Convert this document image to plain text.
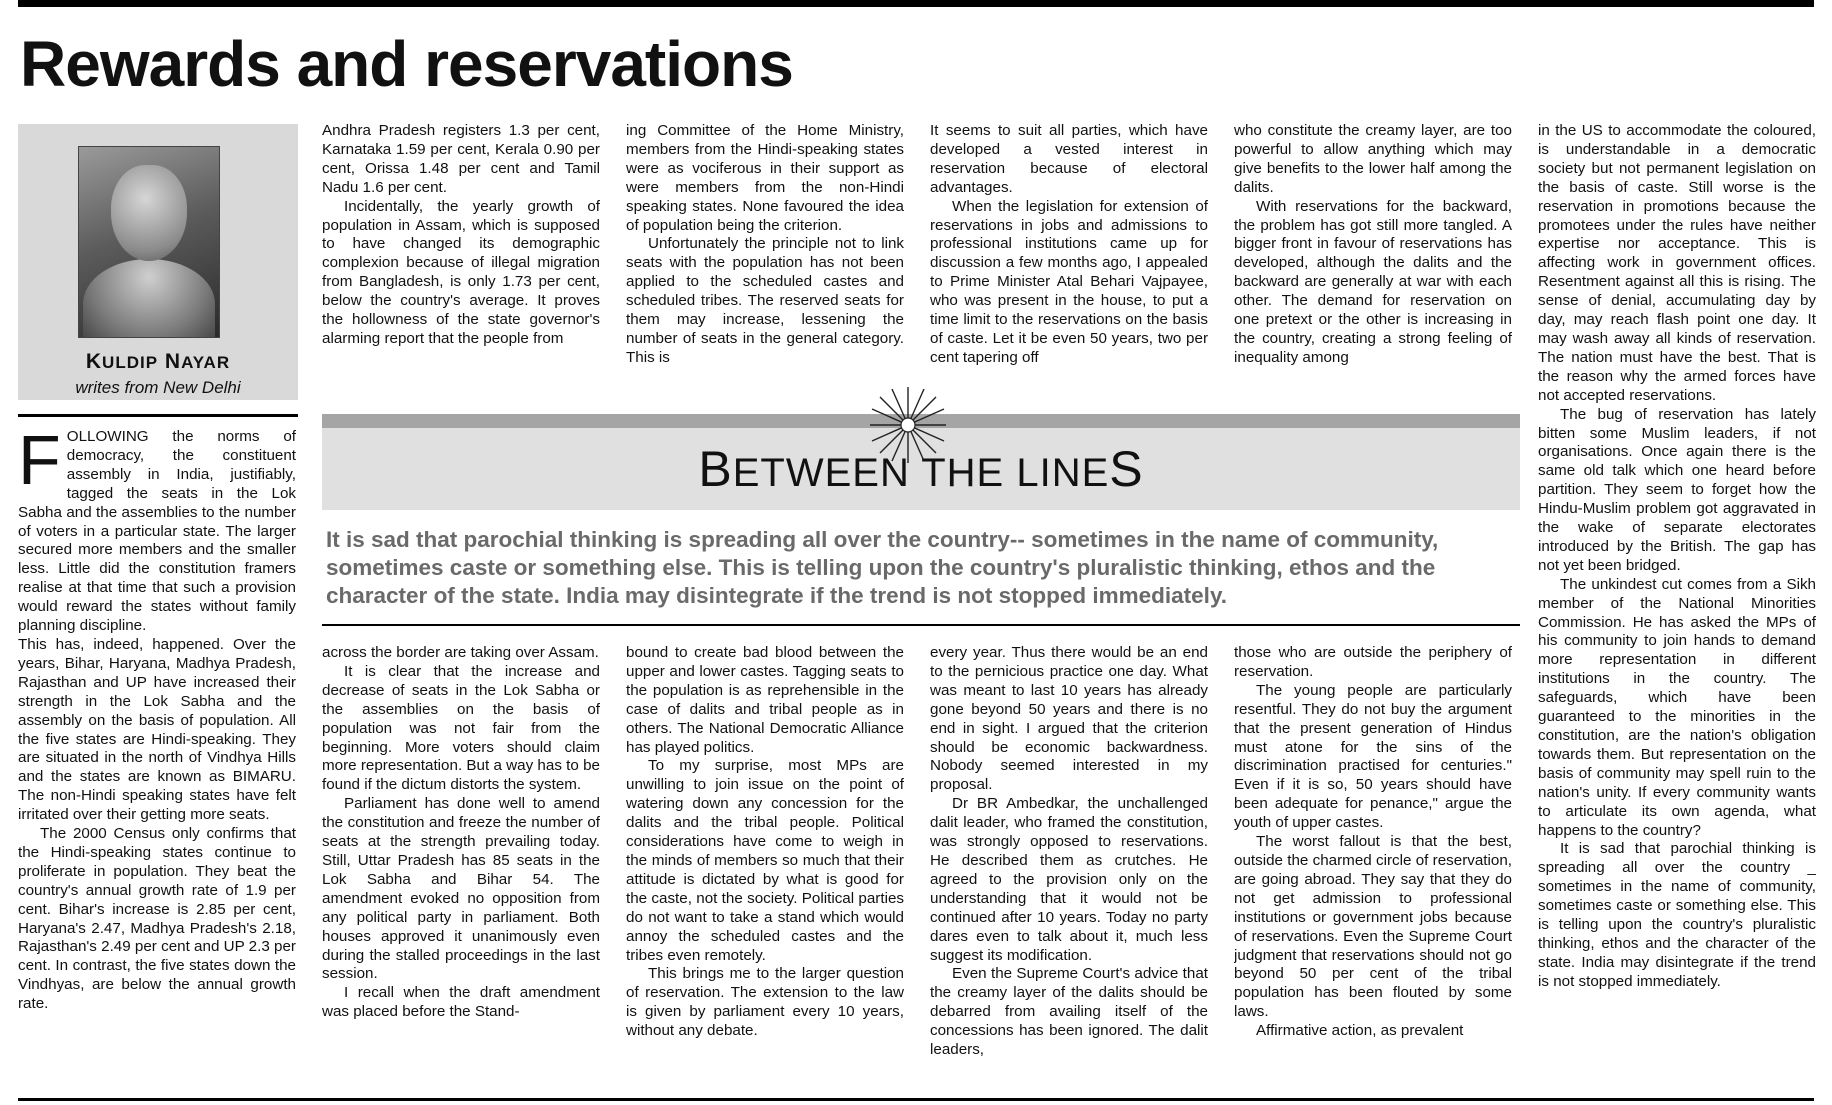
Rewards and reservations
KULDIP NAYAR
writes from New Delhi

FOLLOWING the norms of democracy, the constituent assembly in India, justifiably, tagged the seats in the Lok Sabha and the assemblies to the number of voters in a particular state. The larger secured more members and the smaller less. Little did the constitution framers realise at that time that such a provision would reward the states without family planning discipline.

This has, indeed, happened. Over the years, Bihar, Haryana, Madhya Pradesh, Rajasthan and UP have increased their strength in the Lok Sabha and the assembly on the basis of population. All the five states are Hindi-speaking. They are situated in the north of Vindhya Hills and the states are known as BIMARU. The non-Hindi speaking states have felt irritated over their getting more seats.

The 2000 Census only confirms that the Hindi-speaking states continue to proliferate in population. They beat the country's annual growth rate of 1.9 per cent. Bihar's increase is 2.85 per cent, Haryana's 2.47, Madhya Pradesh's 2.18, Rajasthan's 2.49 per cent and UP 2.3 per cent. In contrast, the five states down the Vindhyas, are below the annual growth rate.

Andhra Pradesh registers 1.3 per cent, Karnataka 1.59 per cent, Kerala 0.90 per cent, Orissa 1.48 per cent and Tamil Nadu 1.6 per cent.

Incidentally, the yearly growth of population in Assam, which is supposed to have changed its demographic complexion because of illegal migration from Bangladesh, is only 1.73 per cent, below the country's average. It proves the hollowness of the state governor's alarming report that the people from

ing Committee of the Home Ministry, members from the Hindi-speaking states were as vociferous in their support as were members from the non-Hindi speaking states. None favoured the idea of population being the criterion.

Unfortunately the principle not to link seats with the population has not been applied to the scheduled castes and scheduled tribes. The reserved seats for them may increase, lessening the number of seats in the general category. This is

It seems to suit all parties, which have developed a vested interest in reservation because of electoral advantages.

When the legislation for extension of reservations in jobs and admissions to professional institutions came up for discussion a few months ago, I appealed to Prime Minister Atal Behari Vajpayee, who was present in the house, to put a time limit to the reservations on the basis of caste. Let it be even 50 years, two per cent tapering off

who constitute the creamy layer, are too powerful to allow anything which may give benefits to the lower half among the dalits.

With reservations for the backward, the problem has got still more tangled. A bigger front in favour of reservations has developed, although the dalits and the backward are generally at war with each other. The demand for reservation on one pretext or the other is increasing in the country, creating a strong feeling of inequality among

BETWEEN THE LINES
It is sad that parochial thinking is spreading all over the country-- sometimes in the name of community, sometimes caste or something else. This is telling upon the country's pluralistic thinking, ethos and the character of the state. India may disintegrate if the trend is not stopped immediately.

across the border are taking over Assam.

It is clear that the increase and decrease of seats in the Lok Sabha or the assemblies on the basis of population was not fair from the beginning. More voters should claim more representation. But a way has to be found if the dictum distorts the system.

Parliament has done well to amend the constitution and freeze the number of seats at the strength prevailing today. Still, Uttar Pradesh has 85 seats in the Lok Sabha and Bihar 54. The amendment evoked no opposition from any political party in parliament. Both houses approved it unanimously even during the stalled proceedings in the last session.

I recall when the draft amendment was placed before the Stand-

bound to create bad blood between the upper and lower castes. Tagging seats to the population is as reprehensible in the case of dalits and tribal people as in others. The National Democratic Alliance has played politics.

To my surprise, most MPs are unwilling to join issue on the point of watering down any concession for the dalits and the tribal people. Political considerations have come to weigh in the minds of members so much that their attitude is dictated by what is good for the caste, not the society. Political parties do not want to take a stand which would annoy the scheduled castes and the tribes even remotely.

This brings me to the larger question of reservation. The extension to the law is given by parliament every 10 years, without any debate.

every year. Thus there would be an end to the pernicious practice one day. What was meant to last 10 years has already gone beyond 50 years and there is no end in sight. I argued that the criterion should be economic backwardness. Nobody seemed interested in my proposal.

Dr BR Ambedkar, the unchallenged dalit leader, who framed the constitution, was strongly opposed to reservations. He described them as crutches. He agreed to the provision only on the understanding that it would not be continued after 10 years. Today no party dares even to talk about it, much less suggest its modification.

Even the Supreme Court's advice that the creamy layer of the dalits should be debarred from availing itself of the concessions has been ignored. The dalit leaders,

those who are outside the periphery of reservation.

The young people are particularly resentful. They do not buy the argument that the present generation of Hindus must atone for the sins of the discrimination practised for centuries." Even if it is so, 50 years should have been adequate for penance," argue the youth of upper castes.

The worst fallout is that the best, outside the charmed circle of reservation, are going abroad. They say that they do not get admission to professional institutions or government jobs because of reservations. Even the Supreme Court judgment that reservations should not go beyond 50 per cent of the tribal population has been flouted by some laws.

Affirmative action, as prevalent

in the US to accommodate the coloured, is understandable in a democratic society but not permanent legislation on the basis of caste. Still worse is the reservation in promotions because the promotees under the rules have neither expertise nor acceptance. This is affecting work in government offices. Resentment against all this is rising. The sense of denial, accumulating day by day, may reach flash point one day. It may wash away all kinds of reservation. The nation must have the best. That is the reason why the armed forces have not accepted reservations.

The bug of reservation has lately bitten some Muslim leaders, if not organisations. Once again there is the same old talk which one heard before partition. They seem to forget how the Hindu-Muslim problem got aggravated in the wake of separate electorates introduced by the British. The gap has not yet been bridged.

The unkindest cut comes from a Sikh member of the National Minorities Commission. He has asked the MPs of his community to join hands to demand more representation in different institutions in the country. The safeguards, which have been guaranteed to the minorities in the constitution, are the nation's obligation towards them. But representation on the basis of community may spell ruin to the nation's unity. If every community wants to articulate its own agenda, what happens to the country?

It is sad that parochial thinking is spreading all over the country _ sometimes in the name of community, sometimes caste or something else. This is telling upon the country's pluralistic thinking, ethos and the character of the state. India may disintegrate if the trend is not stopped immediately.
